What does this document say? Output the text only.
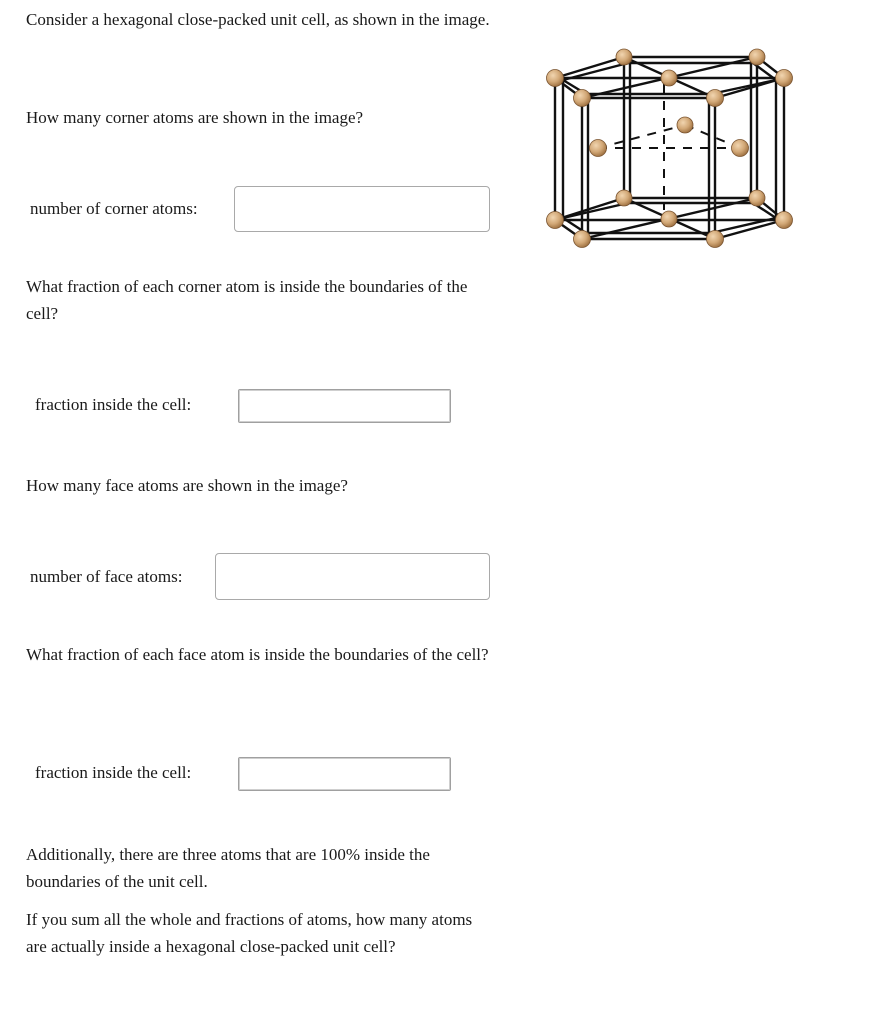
Consider a hexagonal close-packed unit cell, as shown in the image.

How many corner atoms are shown in the image?

number of corner atoms:

What fraction of each corner atom is inside the boundaries of the cell?

fraction inside the cell:

How many face atoms are shown in the image?

number of face atoms:

What fraction of each face atom is inside the boundaries of the cell?

fraction inside the cell:

Additionally, there are three atoms that are 100% inside the boundaries of the unit cell.

If you sum all the whole and fractions of atoms, how many atoms are actually inside a hexagonal close-packed unit cell?
